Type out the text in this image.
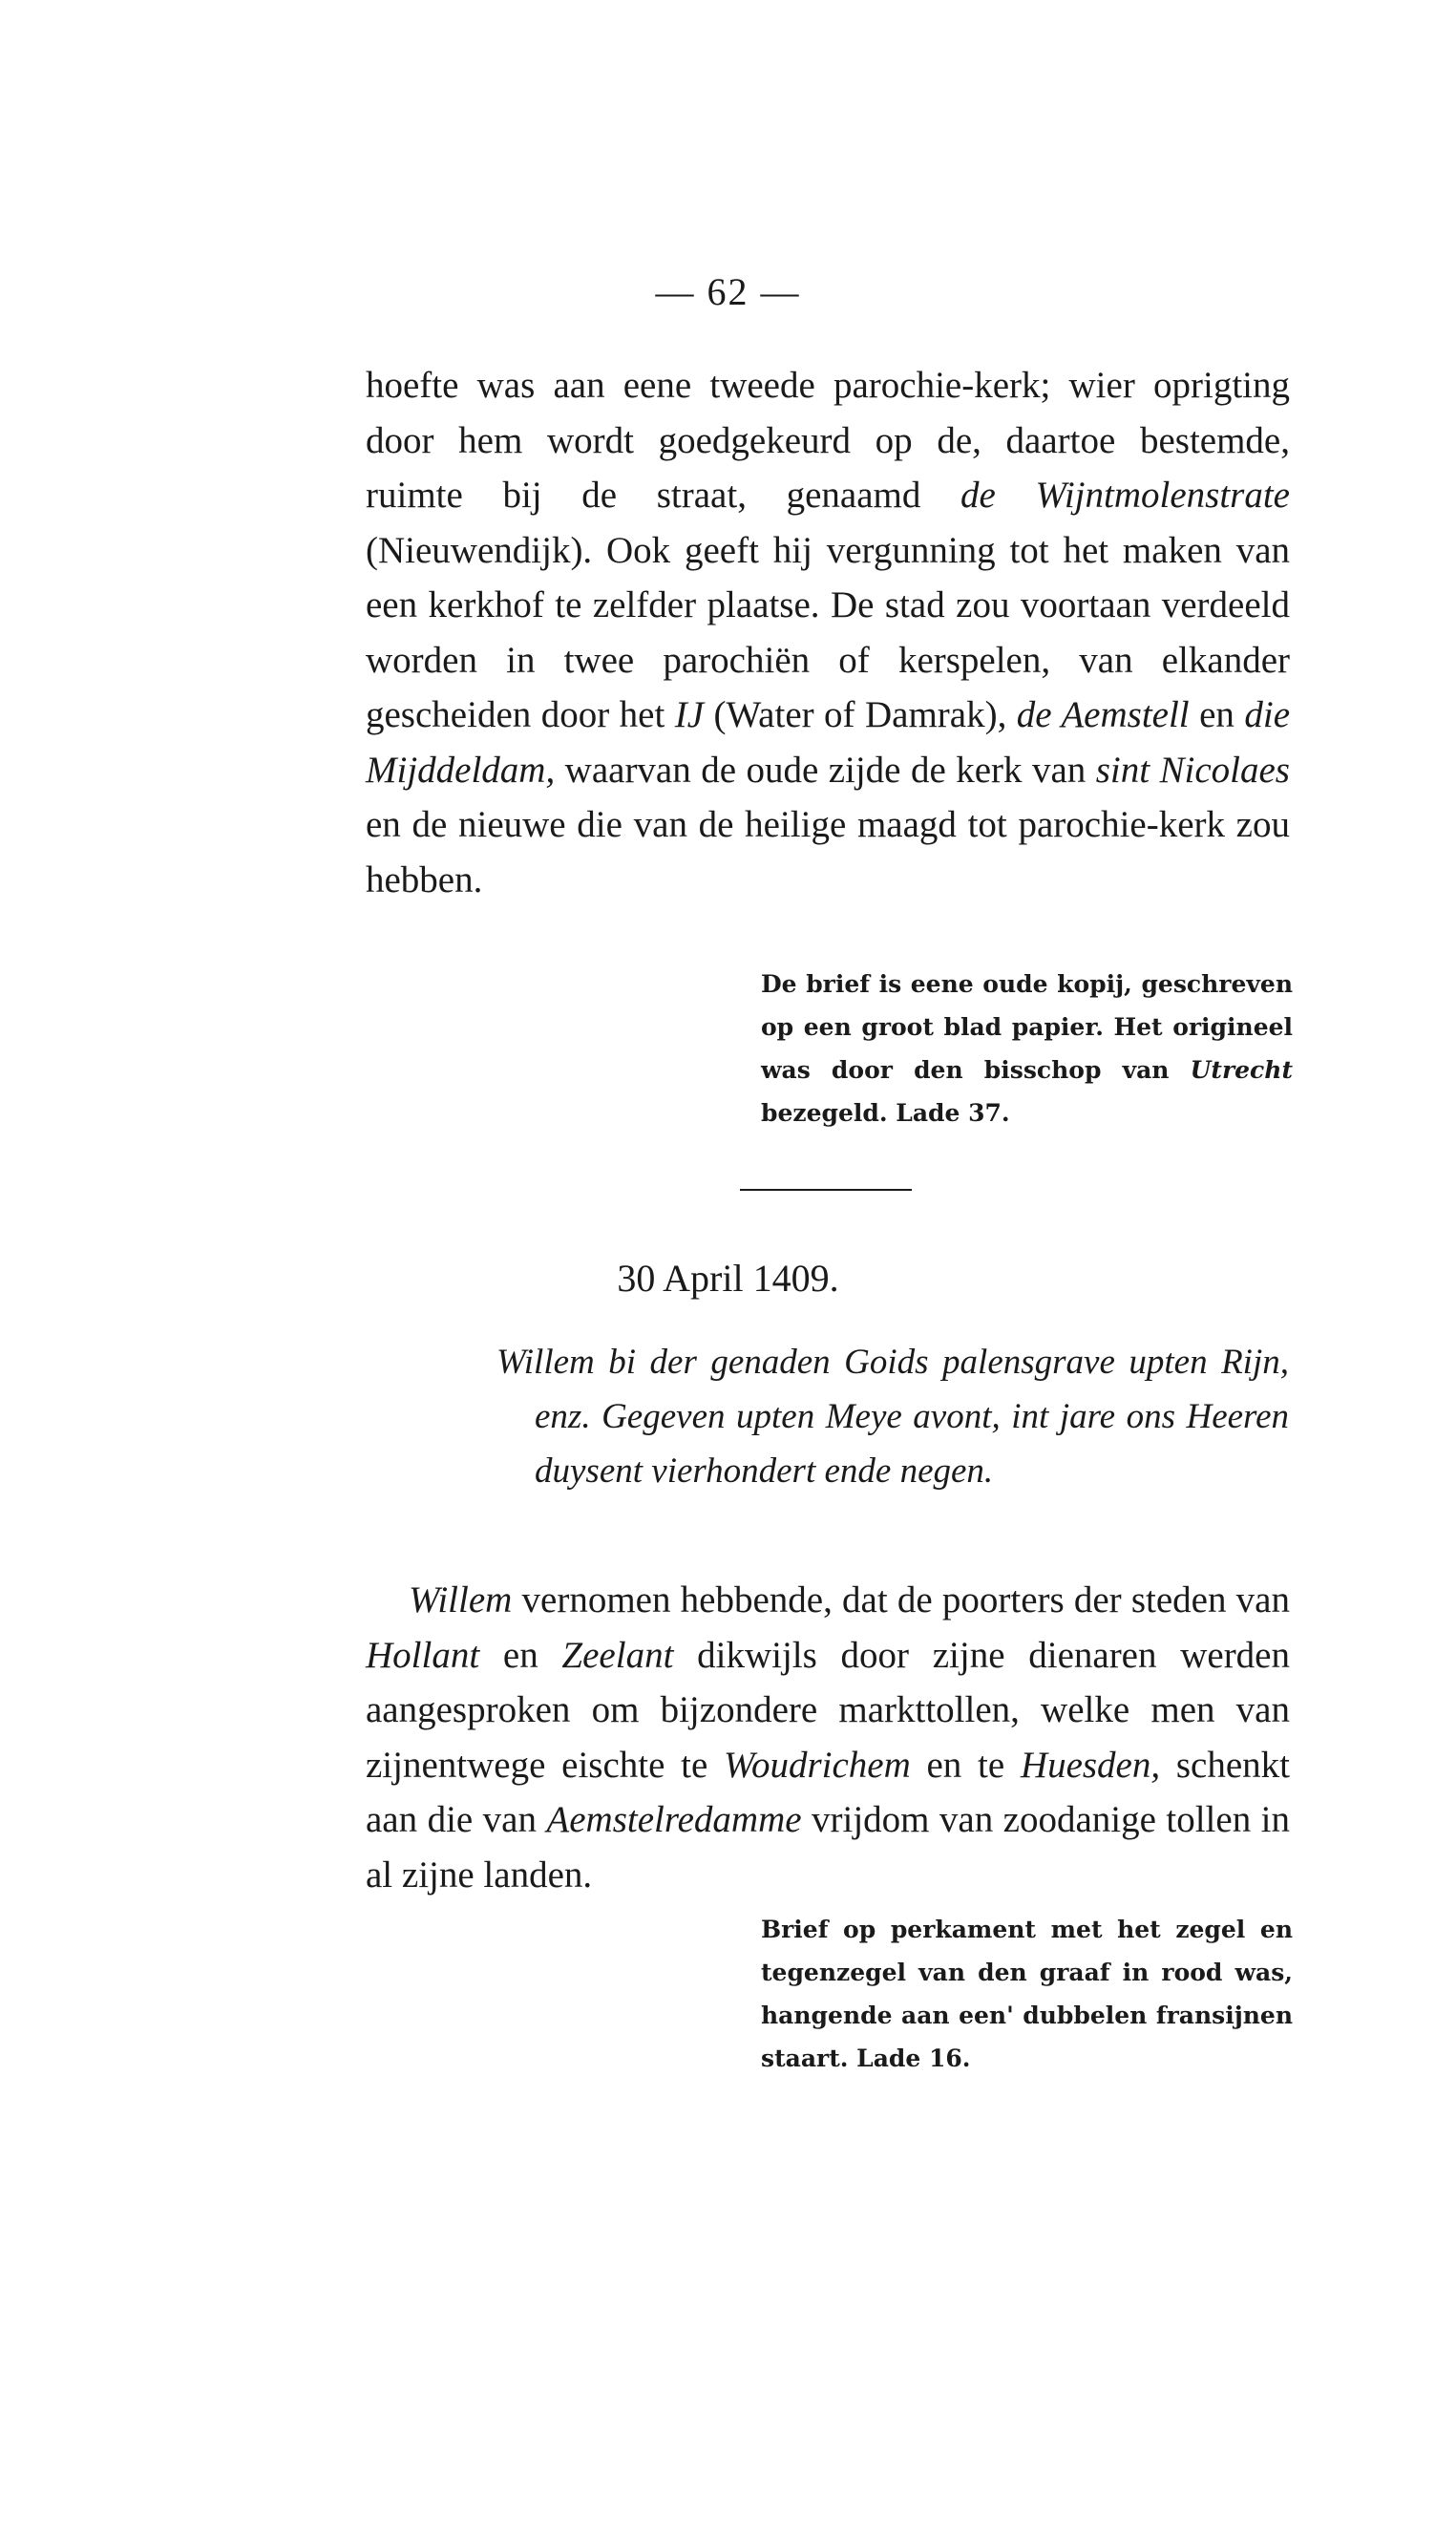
— 62 —

hoefte was aan eene tweede parochie-kerk; wier oprigting door hem wordt goedgekeurd op de, daartoe bestemde, ruimte bij de straat, genaamd de Wijntmolenstrate (Nieuwendijk). Ook geeft hij vergunning tot het maken van een kerkhof te zelfder plaatse. De stad zou voortaan verdeeld worden in twee parochiën of kerspelen, van elkander gescheiden door het IJ (Water of Damrak), de Aemstell en die Mijddeldam, waarvan de oude zijde de kerk van sint Nicolaes en de nieuwe die van de heilige maagd tot parochie-kerk zou hebben.

De brief is eene oude kopij, geschreven op een groot blad papier. Het origineel was door den bisschop van Utrecht bezegeld. Lade 37.

30 April 1409.

Willem bi der genaden Goids palensgrave upten Rijn, enz. Gegeven upten Meye avont, int jare ons Heeren duysent vierhondert ende negen.

Willem vernomen hebbende, dat de poorters der steden van Hollant en Zeelant dikwijls door zijne dienaren werden aangesproken om bijzondere markttollen, welke men van zijnentwege eischte te Woudrichem en te Huesden, schenkt aan die van Aemstelredamme vrijdom van zoodanige tollen in al zijne landen.

Brief op perkament met het zegel en tegenzegel van den graaf in rood was, hangende aan een' dubbelen fransijnen staart. Lade 16.
